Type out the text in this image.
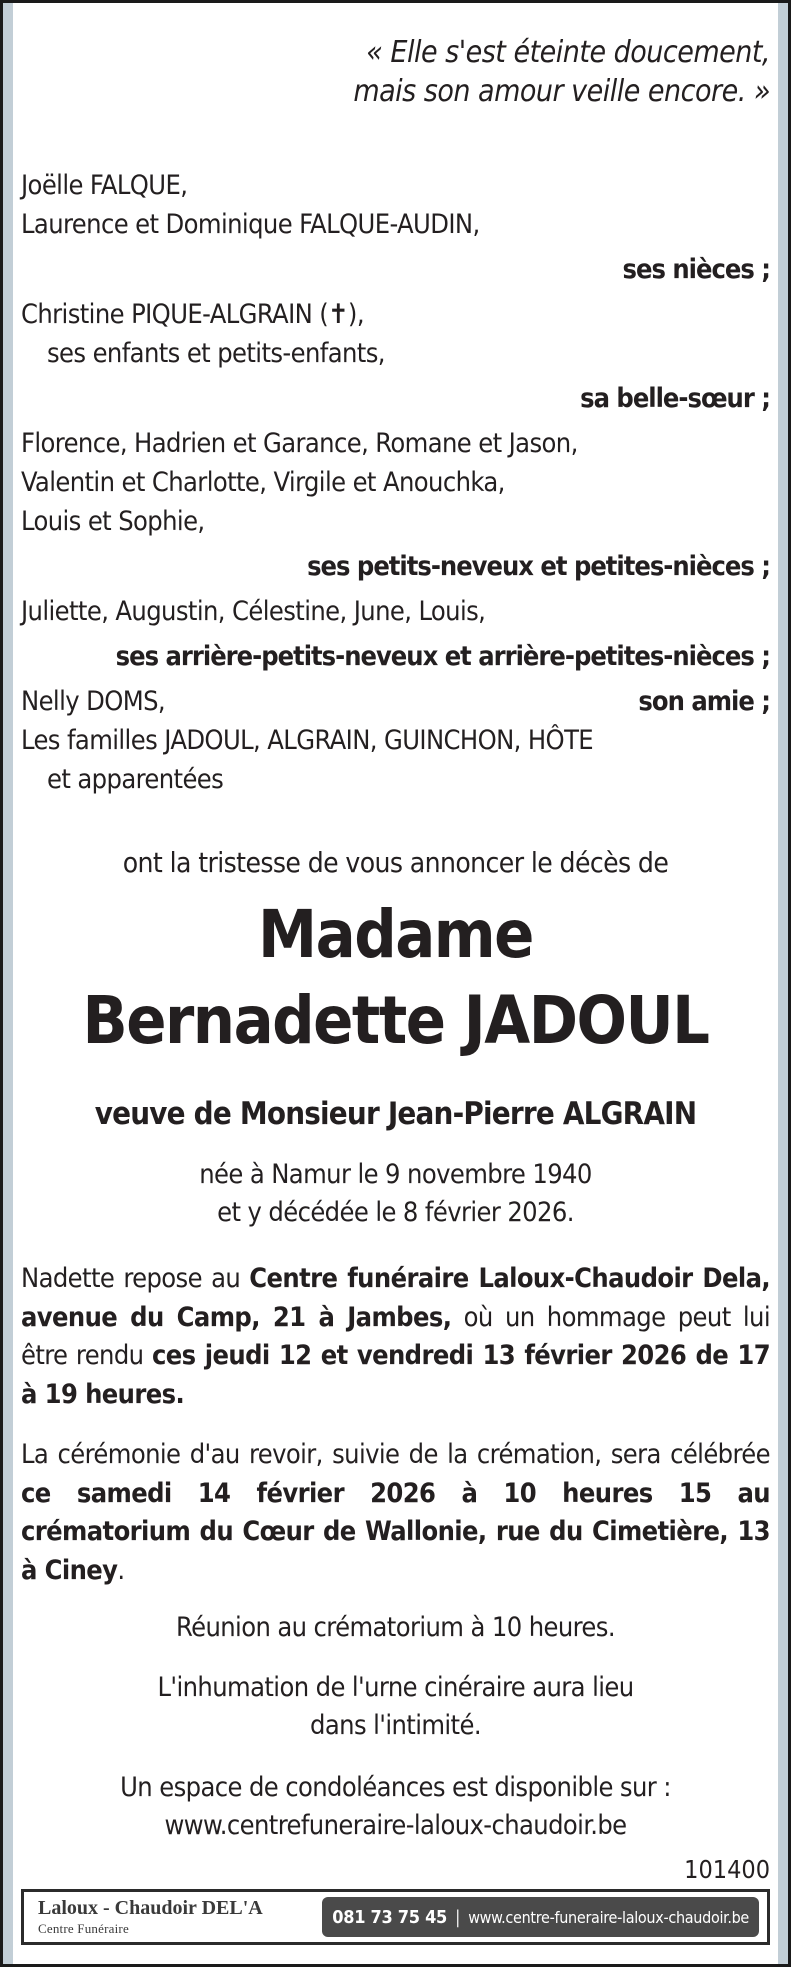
« Elle s'est éteinte doucement,
mais son amour veille encore. »
Joëlle FALQUE,
Laurence et Dominique FALQUE-AUDIN,
ses nièces ;
Christine PIQUE-ALGRAIN (✝),
ses enfants et petits-enfants,
sa belle-sœur ;
Florence, Hadrien et Garance, Romane et Jason,
Valentin et Charlotte, Virgile et Anouchka,
Louis et Sophie,
ses petits-neveux et petites-nièces ;
Juliette, Augustin, Célestine, June, Louis,
ses arrière-petits-neveux et arrière-petites-nièces ;
Nelly DOMS,	son amie ;
Les familles JADOUL, ALGRAIN, GUINCHON, HÔTE
et apparentées
ont la tristesse de vous annoncer le décès de
Madame
Bernadette JADOUL
veuve de Monsieur Jean-Pierre ALGRAIN
née à Namur le 9 novembre 1940
et y décédée le 8 février 2026.
Nadette repose au Centre funéraire Laloux-Chaudoir Dela, avenue du Camp, 21 à Jambes, où un hommage peut lui être rendu ces jeudi 12 et vendredi 13 février 2026 de 17 à 19 heures.
La cérémonie d'au revoir, suivie de la crémation, sera célébrée ce samedi 14 février 2026 à 10 heures 15 au crématorium du Cœur de Wallonie, rue du Cimetière, 13 à Ciney.
Réunion au crématorium à 10 heures.
L'inhumation de l'urne cinéraire aura lieu
dans l'intimité.
Un espace de condoléances est disponible sur :
www.centrefuneraire-laloux-chaudoir.be
101400
Laloux - Chaudoir DEL'A
Centre Funéraire
081 73 75 45 | www.centre-funeraire-laloux-chaudoir.be
